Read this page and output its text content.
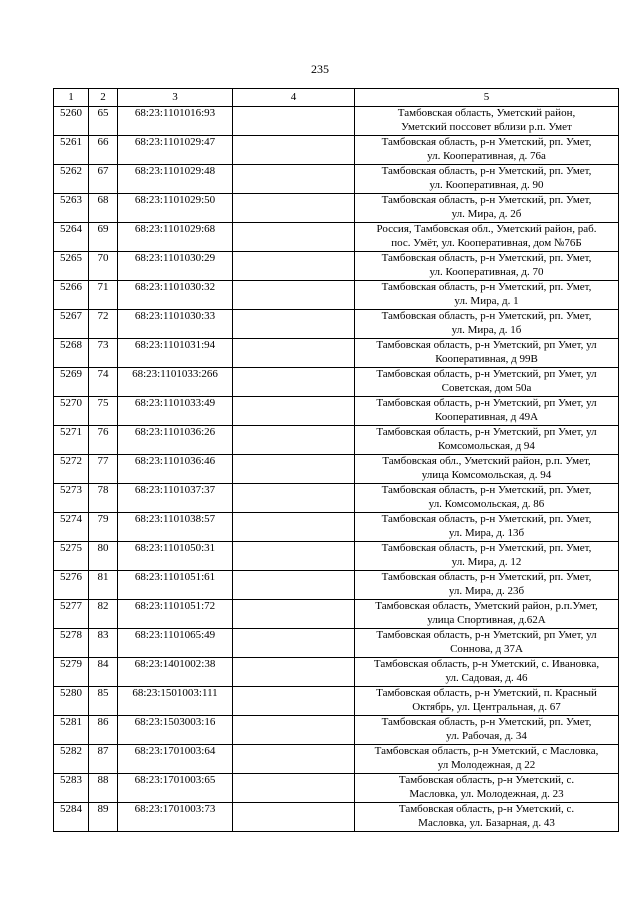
235
1	2	3	4	5
5260	65	68:23:1101016:93		Тамбовская область, Уметский район,
Уметский поссовет вблизи р.п. Умет

5261	66	68:23:1101029:47		Тамбовская область, р-н Уметский, рп. Умет,
ул. Кооперативная, д. 76а

5262	67	68:23:1101029:48		Тамбовская область, р-н Уметский, рп. Умет,
ул. Кооперативная, д. 90

5263	68	68:23:1101029:50		Тамбовская область, р-н Уметский, рп. Умет,
ул. Мира, д. 2б

5264	69	68:23:1101029:68		Россия, Тамбовская обл., Уметский район, раб.
пос. Умёт, ул. Кооперативная, дом №76Б

5265	70	68:23:1101030:29		Тамбовская область, р-н Уметский, рп. Умет,
ул. Кооперативная, д. 70

5266	71	68:23:1101030:32		Тамбовская область, р-н Уметский, рп. Умет,
ул. Мира, д. 1

5267	72	68:23:1101030:33		Тамбовская область, р-н Уметский, рп. Умет,
ул. Мира, д. 1б

5268	73	68:23:1101031:94		Тамбовская область, р-н Уметский, рп Умет, ул
Кооперативная, д 99В

5269	74	68:23:1101033:266		Тамбовская область, р-н Уметский, рп Умет, ул
Советская, дом 50а

5270	75	68:23:1101033:49		Тамбовская область, р-н Уметский, рп Умет, ул
Кооперативная, д 49А

5271	76	68:23:1101036:26		Тамбовская область, р-н Уметский, рп Умет, ул
Комсомольская, д 94

5272	77	68:23:1101036:46		Тамбовская обл., Уметский район, р.п. Умет,
улица Комсомольская, д. 94

5273	78	68:23:1101037:37		Тамбовская область, р-н Уметский, рп. Умет,
ул. Комсомольская, д. 86

5274	79	68:23:1101038:57		Тамбовская область, р-н Уметский, рп. Умет,
ул. Мира, д. 13б

5275	80	68:23:1101050:31		Тамбовская область, р-н Уметский, рп. Умет,
ул. Мира, д. 12

5276	81	68:23:1101051:61		Тамбовская область, р-н Уметский, рп. Умет,
ул. Мира, д. 23б

5277	82	68:23:1101051:72		Тамбовская область, Уметский район, р.п.Умет,
улица Спортивная, д.62А

5278	83	68:23:1101065:49		Тамбовская область, р-н Уметский, рп Умет, ул
Соннова, д 37А

5279	84	68:23:1401002:38		Тамбовская область, р-н Уметский, с. Ивановка,
ул. Садовая, д. 46

5280	85	68:23:1501003:111		Тамбовская область, р-н Уметский, п. Красный
Октябрь, ул. Центральная, д. 67

5281	86	68:23:1503003:16		Тамбовская область, р-н Уметский, рп. Умет,
ул. Рабочая, д. 34

5282	87	68:23:1701003:64		Тамбовская область, р-н Уметский, с Масловка,
ул Молодежная, д 22

5283	88	68:23:1701003:65		Тамбовская область, р-н Уметский, с.
Масловка, ул. Молодежная, д. 23

5284	89	68:23:1701003:73		Тамбовская область, р-н Уметский, с.
Масловка, ул. Базарная, д. 43
